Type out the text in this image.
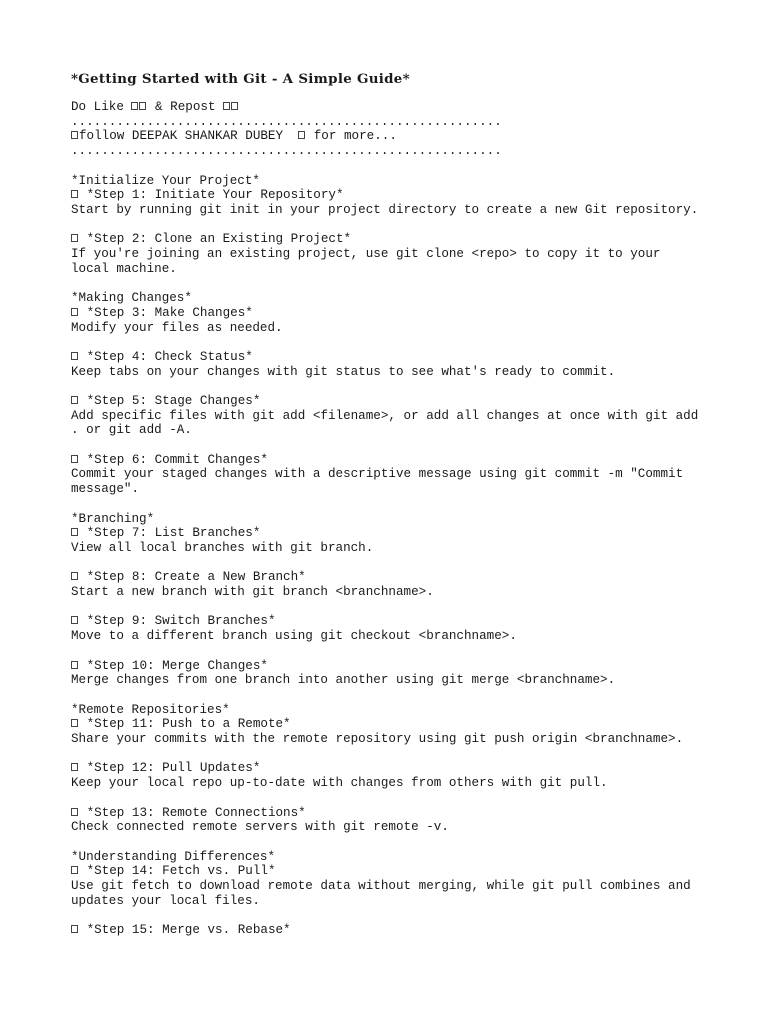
*Getting Started with Git - A Simple Guide*

Do Like & Repost

.........................................................

follow DEEPAK SHANKAR DUBEY for more...

.........................................................

*Initialize Your Project*

*Step 1: Initiate Your Repository*

Start by running git init in your project directory to create a new Git repository.

*Step 2: Clone an Existing Project*

If you're joining an existing project, use git clone <repo> to copy it to your
local machine.

*Making Changes*

*Step 3: Make Changes*

Modify your files as needed.

*Step 4: Check Status*

Keep tabs on your changes with git status to see what's ready to commit.

*Step 5: Stage Changes*

Add specific files with git add <filename>, or add all changes at once with git add
. or git add -A.

*Step 6: Commit Changes*

Commit your staged changes with a descriptive message using git commit -m "Commit
message".

*Branching*

*Step 7: List Branches*

View all local branches with git branch.

*Step 8: Create a New Branch*

Start a new branch with git branch <branchname>.

*Step 9: Switch Branches*

Move to a different branch using git checkout <branchname>.

*Step 10: Merge Changes*

Merge changes from one branch into another using git merge <branchname>.

*Remote Repositories*

*Step 11: Push to a Remote*

Share your commits with the remote repository using git push origin <branchname>.

*Step 12: Pull Updates*

Keep your local repo up-to-date with changes from others with git pull.

*Step 13: Remote Connections*

Check connected remote servers with git remote -v.

*Understanding Differences*

*Step 14: Fetch vs. Pull*

Use git fetch to download remote data without merging, while git pull combines and
updates your local files.

*Step 15: Merge vs. Rebase*
